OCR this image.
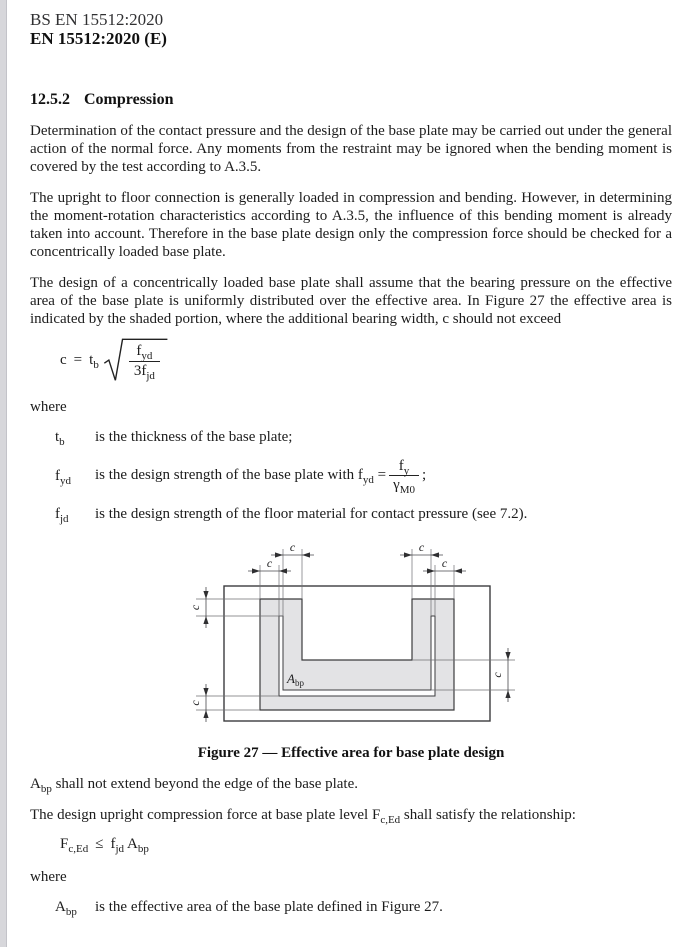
BS EN 15512:2020
EN 15512:2020 (E)
12.5.2 Compression

Determination of the contact pressure and the design of the base plate may be carried out under the general action of the normal force. Any moments from the restraint may be ignored when the bending moment is covered by the test according to A.3.5.

The upright to floor connection is generally loaded in compression and bending. However, in determining the moment-rotation characteristics according to A.3.5, the influence of this bending moment is already taken into account. Therefore in the base plate design only the compression force should be checked for a concentrically loaded base plate.

The design of a concentrically loaded base plate shall assume that the bearing pressure on the effective area of the base plate is uniformly distributed over the effective area. In Figure 27 the effective area is indicated by the shaded portion, where the additional bearing width, c should not exceed

$c = t_b$
$f_{yd}$
$3f_{jd}$
where
$t_b$	is the thickness of the base plate;
$f_{yd}$	is the design strength of the base plate with $f_{yd} = \frac{f_y}{\gamma_{M0}}$ ;
$f_{jd}$	is the design strength of the floor material for contact pressure (see 7.2).
c
c
c
c
c
c
c
$A_{bp}$
Figure 27 — Effective area for base plate design

$A_{bp}$ shall not extend beyond the edge of the base plate.

The design upright compression force at base plate level $F_{c,Ed}$ shall satisfy the relationship:

$F_{c,Ed} \le f_{jd}$ $A_{bp}$
where
$A_{bp}$	is the effective area of the base plate defined in Figure 27.
